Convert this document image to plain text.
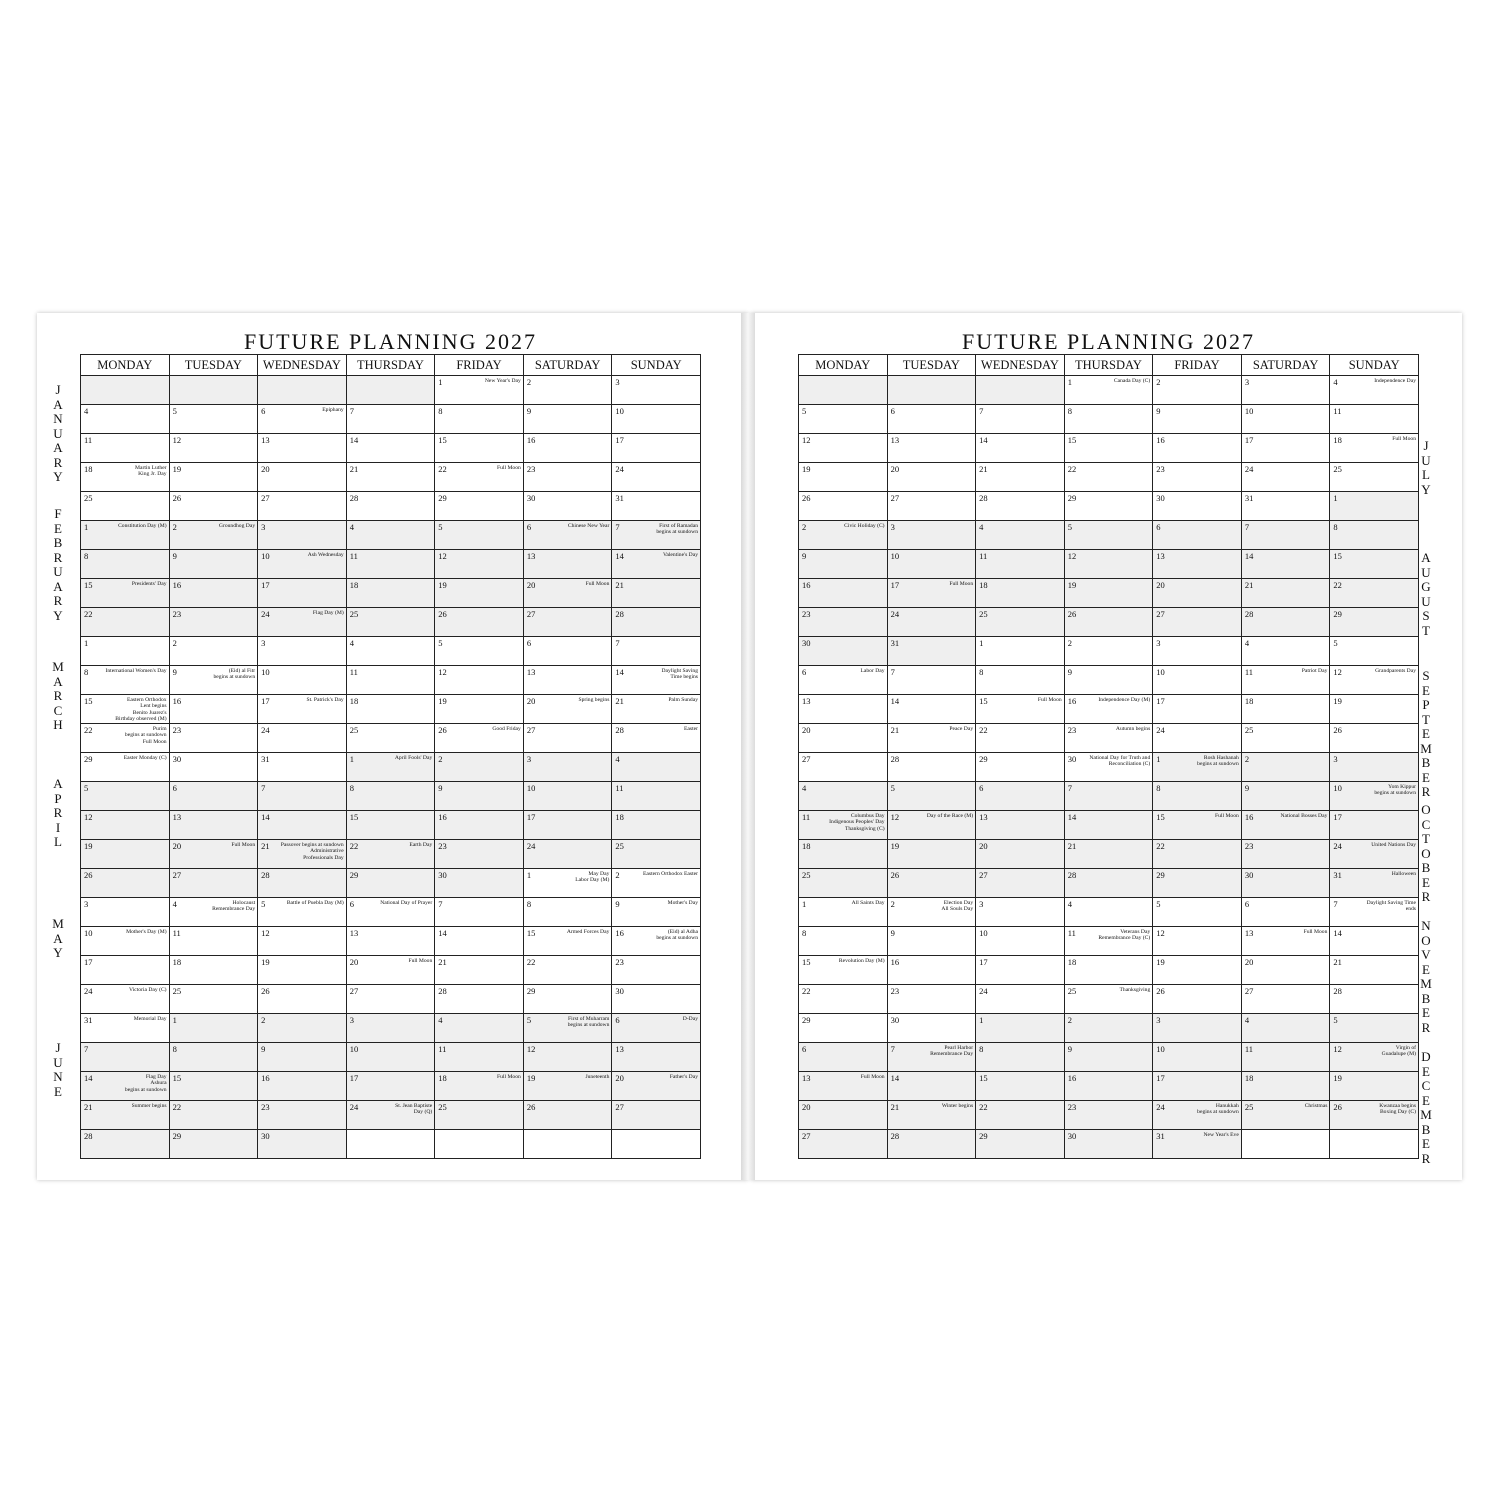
FUTURE PLANNING 2027	FUTURE PLANNING 2027
MONDAY	TUESDAY	WEDNESDAY	THURSDAY	FRIDAY	SATURDAY	SUNDAY

				1 New Year's Day	2	3

4	5	6 Epiphany	7	8	9	10

11	12	13	14	15	16	17

18 Martin Luther
King Jr. Day	19	20	21	22 Full Moon	23	24

25	26	27	28	29	30	31

1 Constitution Day (M)	2 Groundhog Day	3	4	5	6 Chinese New Year	7 First of Ramadan
begins at sundown

8	9	10 Ash Wednesday	11	12	13	14 Valentine's Day

15 Presidents' Day	16	17	18	19	20 Full Moon	21

22	23	24 Flag Day (M)	25	26	27	28

1	2	3	4	5	6	7

8 International Women's Day	9 (Eid) al Fitr
begins at sundown	10	11	12	13	14 Daylight Saving
Time begins

15 Eastern Orthodox
Lent begins
Benito Juarez's
Birthday observed (M)	16	17 St. Patrick's Day	18	19	20 Spring begins	21 Palm Sunday

22 Purim
begins at sundown
Full Moon	23	24	25	26 Good Friday	27	28 Easter

29 Easter Monday (C)	30	31	1 April Fools' Day	2	3	4

5	6	7	8	9	10	11

12	13	14	15	16	17	18

19	20 Full Moon	21 Passover begins at sundown
Administrative
Professionals Day	22 Earth Day	23	24	25

26	27	28	29	30	1 May Day
Labor Day (M)	2 Eastern Orthodox Easter

3	4 Holocaust
Remembrance Day	5 Battle of Puebla Day (M)	6 National Day of Prayer	7	8	9 Mother's Day

10 Mother's Day (M)	11	12	13	14	15 Armed Forces Day	16 (Eid) al Adha
begins at sundown

17	18	19	20 Full Moon	21	22	23

24 Victoria Day (C)	25	26	27	28	29	30

31 Memorial Day	1	2	3	4	5 First of Muharram
begins at sundown	6 D-Day

7	8	9	10	11	12	13

14 Flag Day
Ashura
begins at sundown	15	16	17	18 Full Moon	19 Juneteenth	20 Father's Day

21 Summer begins	22	23	24 St. Jean Baptiste
Day (Q)	25	26	27

28	29	30				

MONDAY	TUESDAY	WEDNESDAY	THURSDAY	FRIDAY	SATURDAY	SUNDAY

			1 Canada Day (C)	2	3	4 Independence Day

5	6	7	8	9	10	11

12	13	14	15	16	17	18 Full Moon

19	20	21	22	23	24	25

26	27	28	29	30	31	1

2 Civic Holiday (C)	3	4	5	6	7	8

9	10	11	12	13	14	15

16	17 Full Moon	18	19	20	21	22

23	24	25	26	27	28	29

30	31	1	2	3	4	5

6 Labor Day	7	8	9	10	11 Patriot Day	12 Grandparents Day

13	14	15 Full Moon	16 Independence Day (M)	17	18	19

20	21 Peace Day	22	23 Autumn begins	24	25	26

27	28	29	30 National Day for Truth and
Reconciliation (C)	1 Rosh Hashanah
begins at sundown	2	3

4	5	6	7	8	9	10 Yom Kippur
begins at sundown

11 Columbus Day
Indigenous Peoples' Day
Thanksgiving (C)	12 Day of the Race (M)	13	14	15 Full Moon	16 National Bosses Day	17

18	19	20	21	22	23	24 United Nations Day

25	26	27	28	29	30	31 Halloween

1 All Saints Day	2 Election Day
All Souls Day	3	4	5	6	7 Daylight Saving Time
ends

8	9	10	11 Veterans Day
Remembrance Day (C)	12	13 Full Moon	14

15 Revolution Day (M)	16	17	18	19	20	21

22	23	24	25 Thanksgiving	26	27	28

29	30	1	2	3	4	5

6	7 Pearl Harbor
Remembrance Day	8	9	10	11	12 Virgin of
Guadalupe (M)

13 Full Moon	14	15	16	17	18	19

20	21 Winter begins	22	23	24 Hanukkah
begins at sundown	25 Christmas	26 Kwanzaa begins
Boxing Day (C)

27	28	29	30	31 New Year's Eve		

J
A
N
U
A
R
Y
F
E
B
R
U
A
R
Y
M
A
R
C
H
A
P
R
I
L
M
A
Y
J
U
N
E
J
U
L
Y
A
U
G
U
S
T
S
E
P
T
E
M
B
E
R
O
C
T
O
B
E
R
N
O
V
E
M
B
E
R
D
E
C
E
M
B
E
R
